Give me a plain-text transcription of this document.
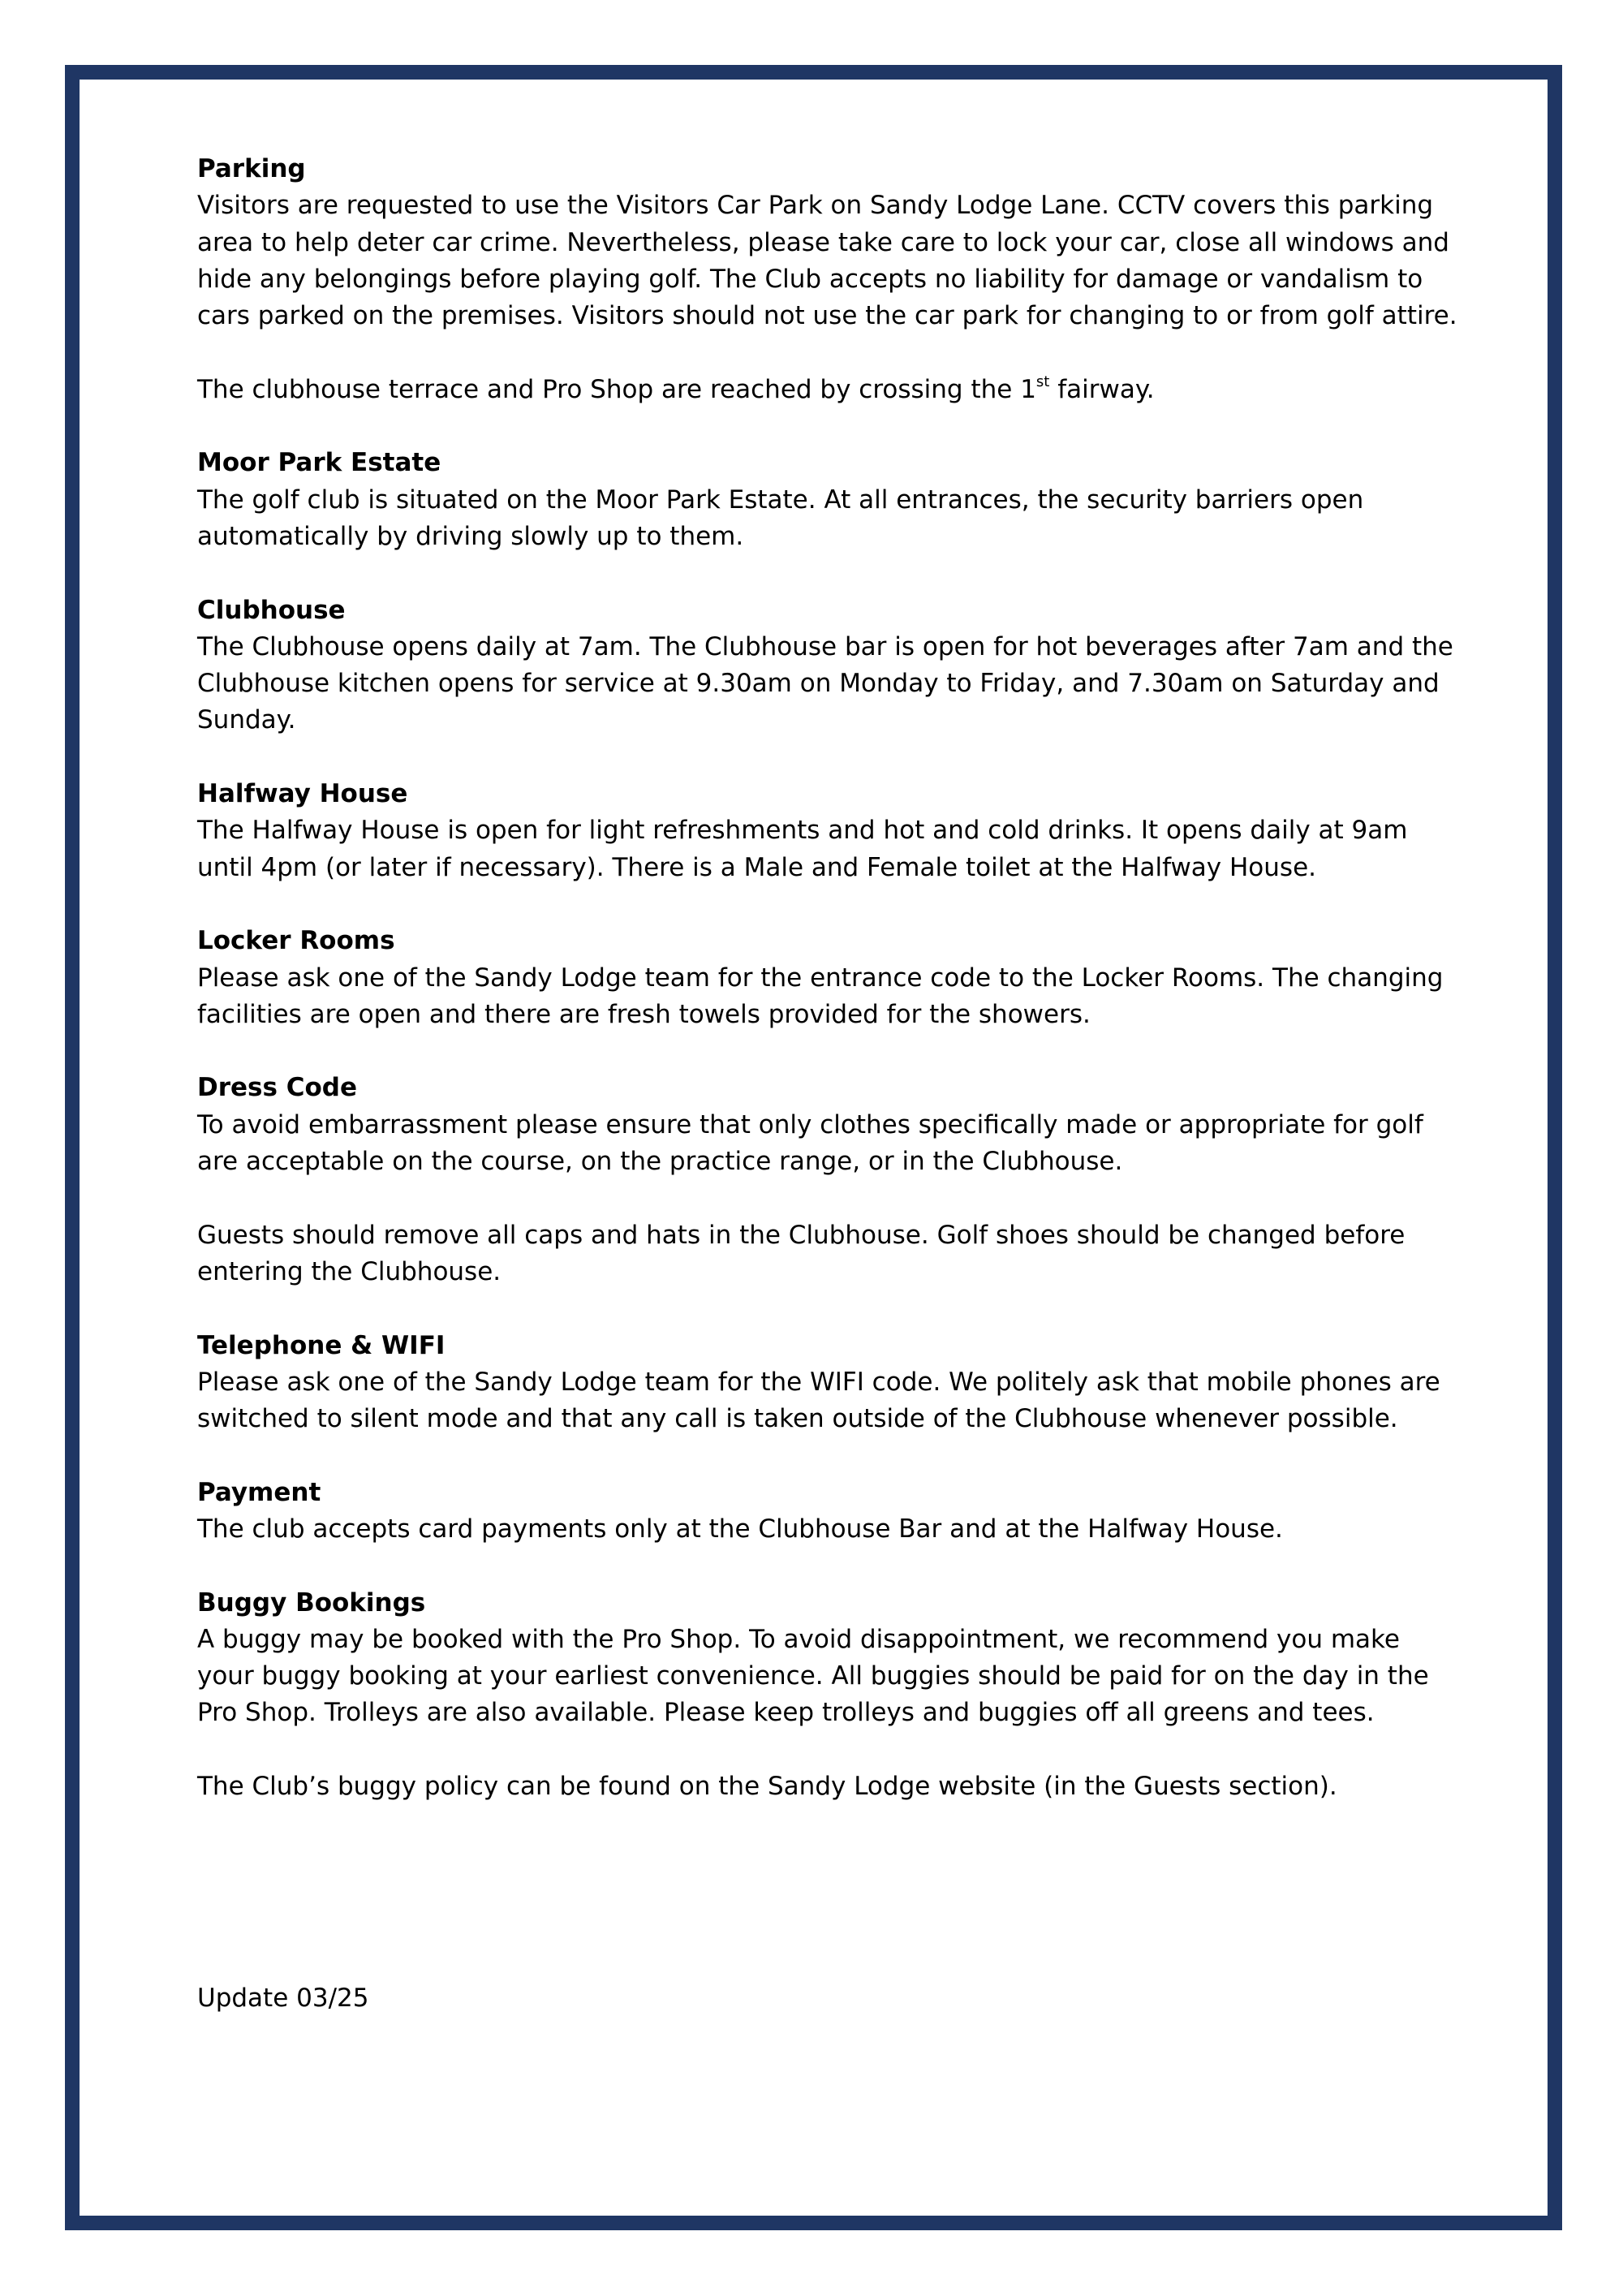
Parking
Visitors are requested to use the Visitors Car Park on Sandy Lodge Lane. CCTV covers this parking area to help deter car crime. Nevertheless, please take care to lock your car, close all windows and hide any belongings before playing golf. The Club accepts no liability for damage or vandalism to cars parked on the premises. Visitors should not use the car park for changing to or from golf attire.
The clubhouse terrace and Pro Shop are reached by crossing the 1st fairway.
Moor Park Estate
The golf club is situated on the Moor Park Estate. At all entrances, the security barriers open automatically by driving slowly up to them.
Clubhouse
The Clubhouse opens daily at 7am. The Clubhouse bar is open for hot beverages after 7am and the Clubhouse kitchen opens for service at 9.30am on Monday to Friday, and 7.30am on Saturday and Sunday.
Halfway House
The Halfway House is open for light refreshments and hot and cold drinks. It opens daily at 9am until 4pm (or later if necessary). There is a Male and Female toilet at the Halfway House.
Locker Rooms
Please ask one of the Sandy Lodge team for the entrance code to the Locker Rooms. The changing facilities are open and there are fresh towels provided for the showers.
Dress Code
To avoid embarrassment please ensure that only clothes specifically made or appropriate for golf are acceptable on the course, on the practice range, or in the Clubhouse.
Guests should remove all caps and hats in the Clubhouse. Golf shoes should be changed before entering the Clubhouse.
Telephone & WIFI
Please ask one of the Sandy Lodge team for the WIFI code. We politely ask that mobile phones are switched to silent mode and that any call is taken outside of the Clubhouse whenever possible.
Payment
The club accepts card payments only at the Clubhouse Bar and at the Halfway House.
Buggy Bookings
A buggy may be booked with the Pro Shop. To avoid disappointment, we recommend you make your buggy booking at your earliest convenience. All buggies should be paid for on the day in the Pro Shop. Trolleys are also available. Please keep trolleys and buggies off all greens and tees.
The Club’s buggy policy can be found on the Sandy Lodge website (in the Guests section).
Update 03/25
